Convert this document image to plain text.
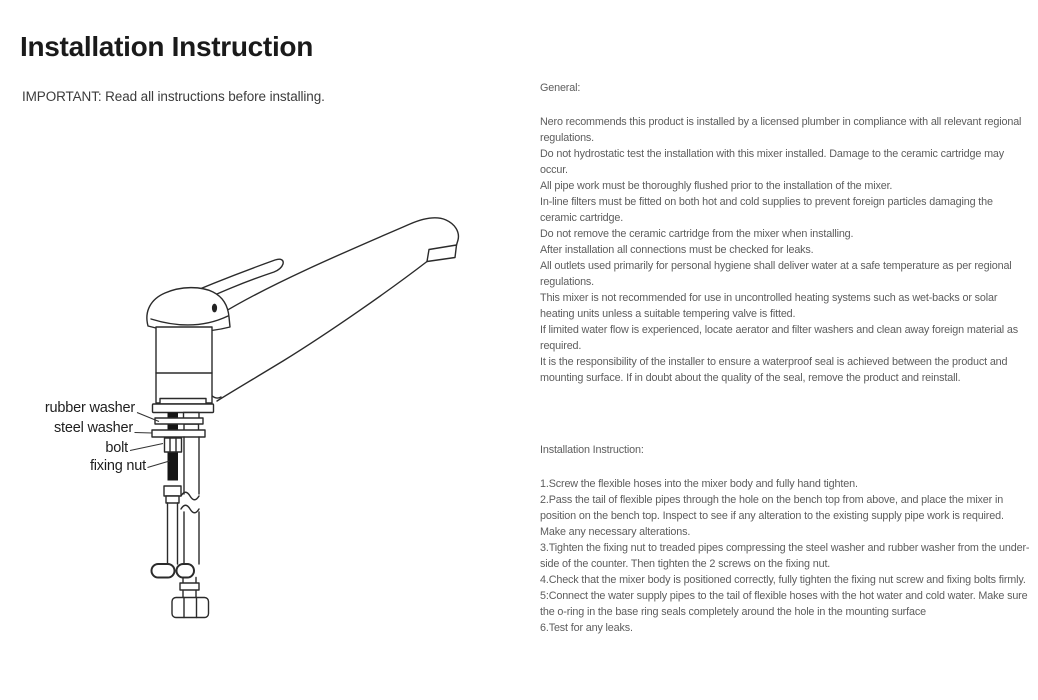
Installation Instruction
IMPORTANT: Read all instructions before installing.
rubber washer
steel washer
bolt
fixing nut
General:

Nero recommends this product is installed by a licensed plumber in compliance with all relevant regional regulations.

Do not hydrostatic test the installation with this mixer installed. Damage to the ceramic cartridge may occur.

All pipe work must be thoroughly flushed prior to the installation of the mixer.

In-line filters must be fitted on both hot and cold supplies to prevent foreign particles damaging the ceramic cartridge.

Do not remove the ceramic cartridge from the mixer when installing.

After installation all connections must be checked for leaks.

All outlets used primarily for personal hygiene shall deliver water at a safe temperature as per regional regulations.

This mixer is not recommended for use in uncontrolled heating systems such as wet-backs or solar heating units unless a suitable tempering valve is fitted.

If limited water flow is experienced, locate aerator and filter washers and clean away foreign material as required.

It is the responsibility of the installer to ensure a waterproof seal is achieved between the product and mounting surface. If in doubt about the quality of the seal, remove the product and reinstall.

Installation Instruction:

1.Screw the flexible hoses into the mixer body and fully hand tighten.

2.Pass the tail of flexible pipes through the hole on the bench top from above, and place the mixer in position on the bench top. Inspect to see if any alteration to the existing supply pipe work is required. Make any necessary alterations.

3.Tighten the fixing nut to treaded pipes compressing the steel washer and rubber washer from the under-side of the counter. Then tighten the 2 screws on the fixing nut.

4.Check that the mixer body is positioned correctly, fully tighten the fixing nut screw and fixing bolts firmly.

5:Connect the water supply pipes to the tail of flexible hoses with the hot water and cold water. Make sure the o-ring in the base ring seals completely around the hole in the mounting surface

6.Test for any leaks.
